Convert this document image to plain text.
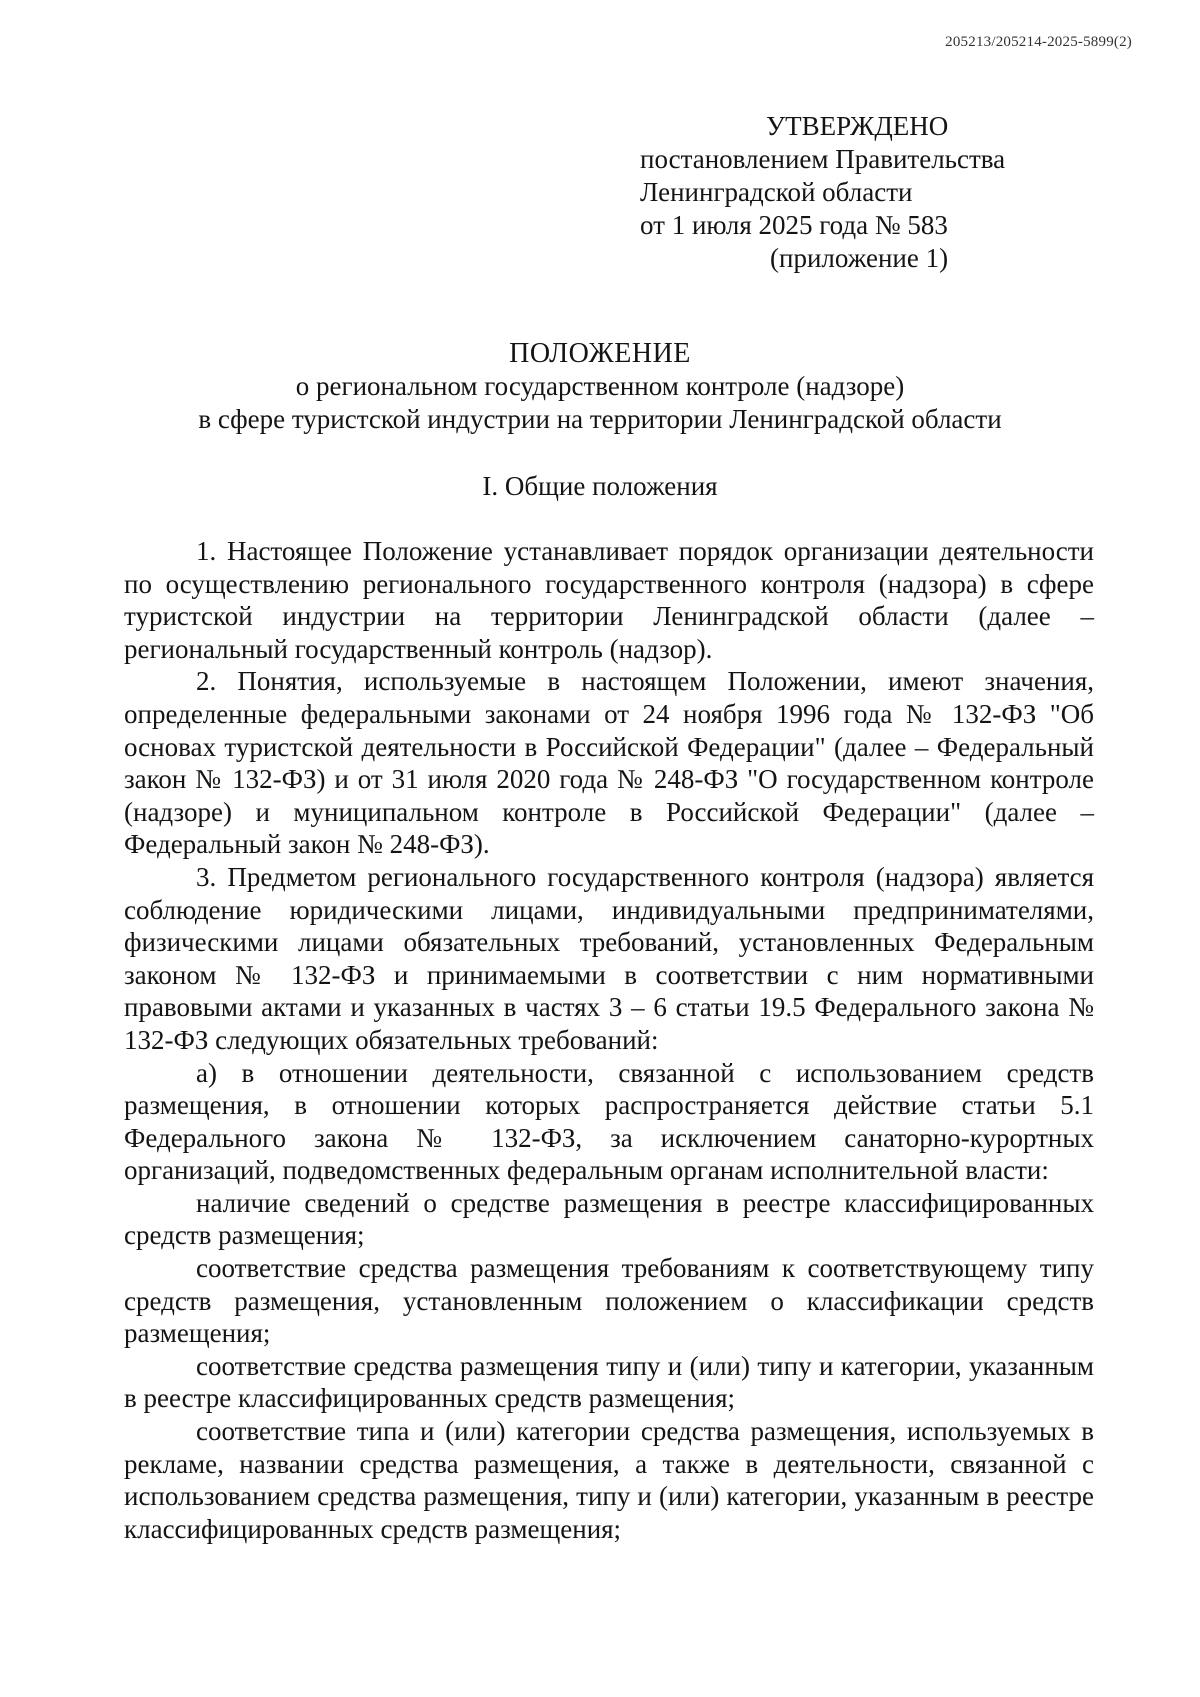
205213/205214-2025-5899(2)
УТВЕРЖДЕНО
постановлением Правительства
Ленинградской области
от 1 июля 2025 года № 583
(приложение 1)
ПОЛОЖЕНИЕ
о региональном государственном контроле (надзоре)
в сфере туристской индустрии на территории Ленинградской области
I. Общие положения

1. Настоящее Положение устанавливает порядок организации деятельности по осуществлению регионального государственного контроля (надзора) в сфере туристской индустрии на территории Ленинградской области (далее – региональный государственный контроль (надзор).

2. Понятия, используемые в настоящем Положении, имеют значения, определенные федеральными законами от 24 ноября 1996 года № 132-ФЗ "Об основах туристской деятельности в Российской Федерации" (далее – Федеральный закон № 132-ФЗ) и от 31 июля 2020 года № 248-ФЗ "О государственном контроле (надзоре) и муниципальном контроле в Российской Федерации" (далее – Федеральный закон № 248-ФЗ).

3. Предметом регионального государственного контроля (надзора) является соблюдение юридическими лицами, индивидуальными предпринимателями, физическими лицами обязательных требований, установленных Федеральным законом № 132-ФЗ и принимаемыми в соответствии с ним нормативными правовыми актами и указанных в частях 3 – 6 статьи 19.5 Федерального закона № 132-ФЗ следующих обязательных требований:

а) в отношении деятельности, связанной с использованием средств размещения, в отношении которых распространяется действие статьи 5.1 Федерального закона № 132-ФЗ, за исключением санаторно-курортных организаций, подведомственных федеральным органам исполнительной власти:

наличие сведений о средстве размещения в реестре классифицированных средств размещения;

соответствие средства размещения требованиям к соответствующему типу средств размещения, установленным положением о классификации средств размещения;

соответствие средства размещения типу и (или) типу и категории, указанным в реестре классифицированных средств размещения;

соответствие типа и (или) категории средства размещения, используемых в рекламе, названии средства размещения, а также в деятельности, связанной с использованием средства размещения, типу и (или) категории, указанным в реестре классифицированных средств размещения;
